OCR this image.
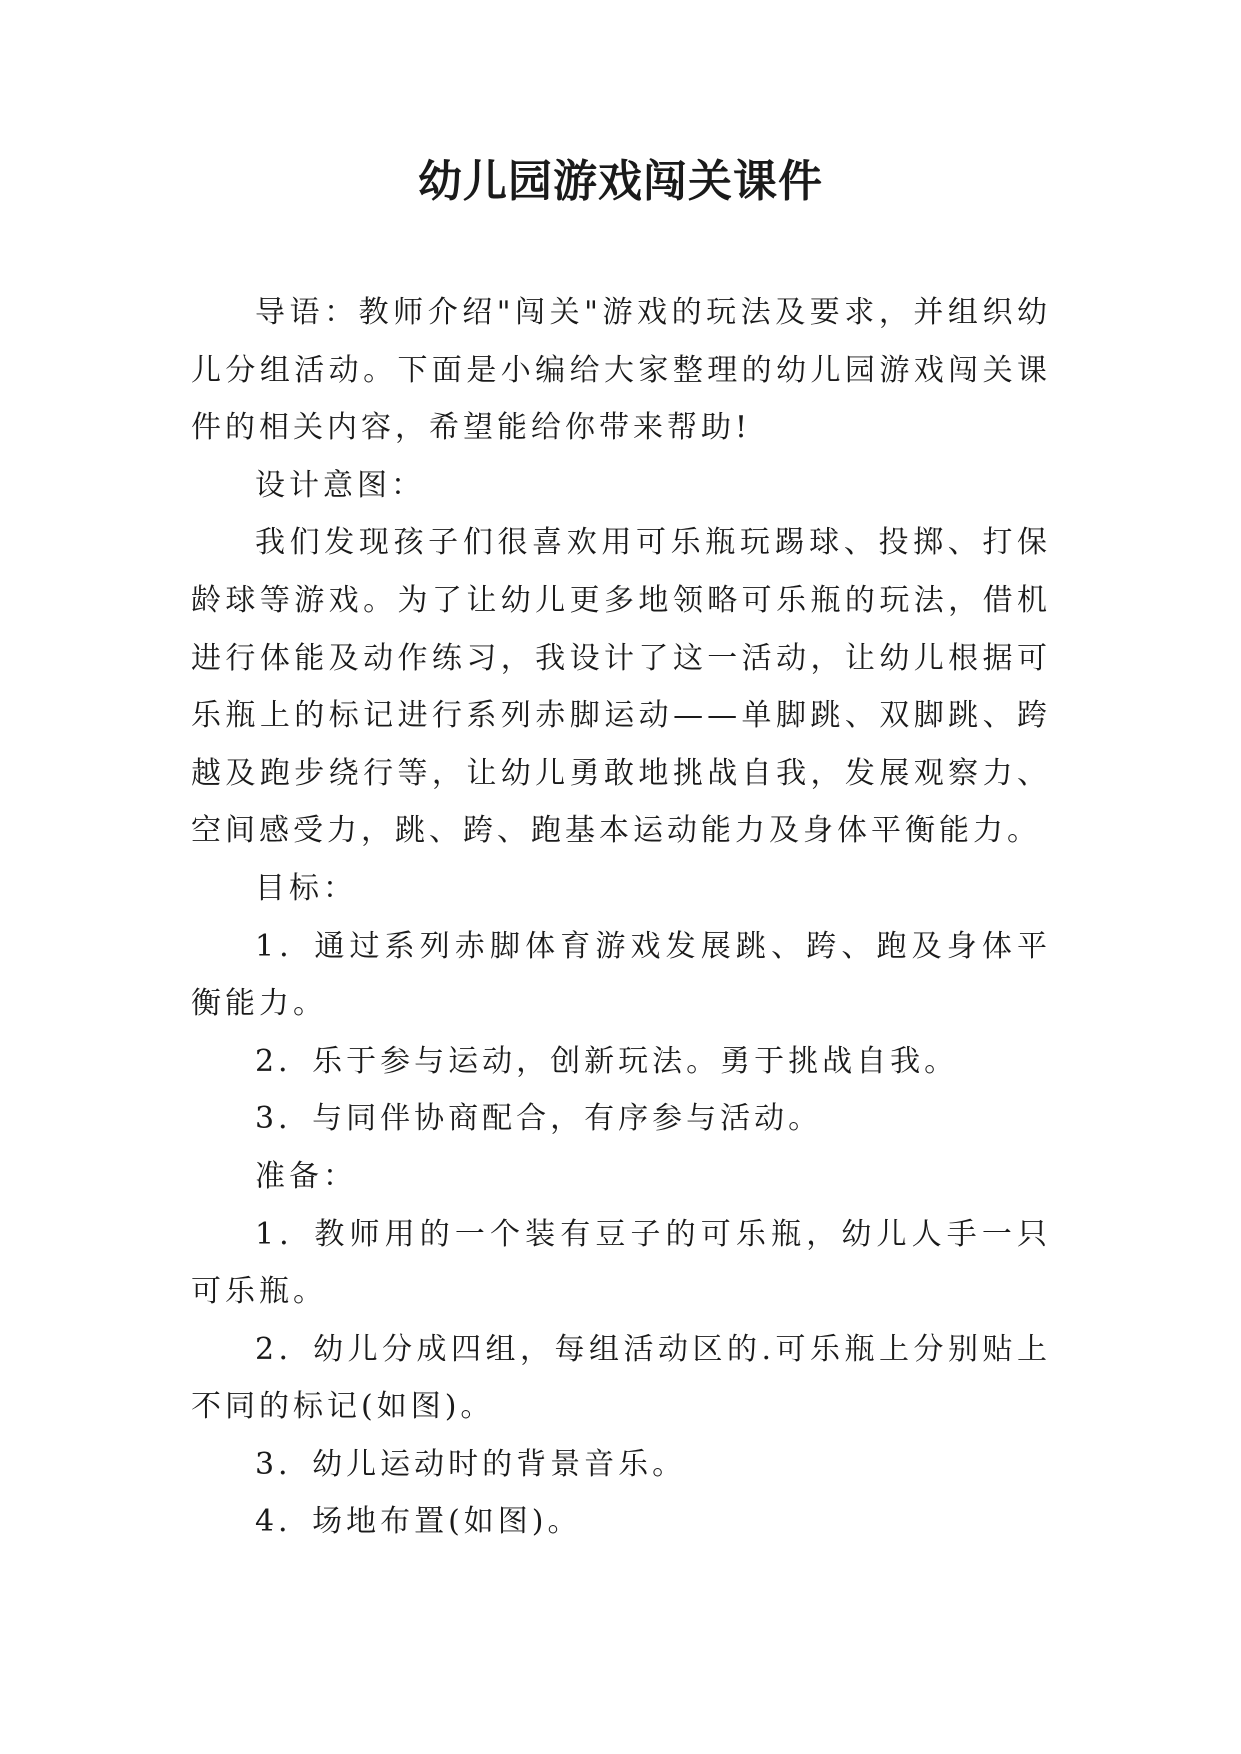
幼儿园游戏闯关课件

导语：教师介绍"闯关"游戏的玩法及要求，并组织幼儿分组活动。下面是小编给大家整理的幼儿园游戏闯关课件的相关内容，希望能给你带来帮助!

设计意图：

我们发现孩子们很喜欢用可乐瓶玩踢球、投掷、打保龄球等游戏。为了让幼儿更多地领略可乐瓶的玩法，借机进行体能及动作练习，我设计了这一活动，让幼儿根据可乐瓶上的标记进行系列赤脚运动——单脚跳、双脚跳、跨越及跑步绕行等，让幼儿勇敢地挑战自我，发展观察力、空间感受力，跳、跨、跑基本运动能力及身体平衡能力。

目标：

1．通过系列赤脚体育游戏发展跳、跨、跑及身体平衡能力。

2．乐于参与运动，创新玩法。勇于挑战自我。

3．与同伴协商配合，有序参与活动。

准备：

1．教师用的一个装有豆子的可乐瓶，幼儿人手一只可乐瓶。

2．幼儿分成四组，每组活动区的.可乐瓶上分别贴上不同的标记(如图)。

3．幼儿运动时的背景音乐。

4．场地布置(如图)。
